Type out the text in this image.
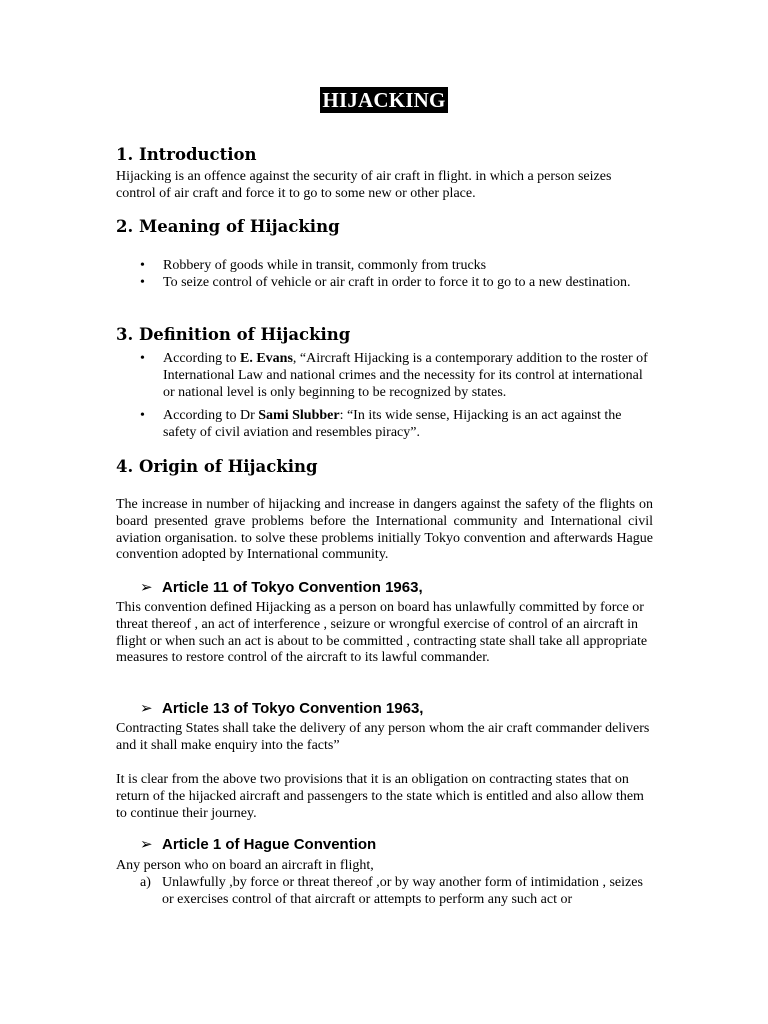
HIJACKING
1. Introduction

Hijacking is an offence against the security of air craft in flight. in which a person seizes control of air craft and force it to go to some new or other place.

2. Meaning of Hijacking
• Robbery of goods while in transit, commonly from trucks
• To seize control of vehicle or air craft in order to force it to go to a new destination.
3. Definition of Hijacking
• According to E. Evans, “Aircraft Hijacking is a contemporary addition to the roster of International Law and national crimes and the necessity for its control at international or national level is only beginning to be recognized by states.
• According to Dr Sami Slubber: “In its wide sense, Hijacking is an act against the safety of civil aviation and resembles piracy”.
4. Origin of Hijacking

The increase in number of hijacking and increase in dangers against the safety of the flights on board presented grave problems before the International community and International civil aviation organisation. to solve these problems initially Tokyo convention and afterwards Hague convention adopted by International community.

➢ Article 11 of Tokyo Convention 1963,

This convention defined Hijacking as a person on board has unlawfully committed by force or threat thereof , an act of interference , seizure or wrongful exercise of control of an aircraft in flight or when such an act is about to be committed , contracting state shall take all appropriate measures to restore control of the aircraft to its lawful commander.

➢ Article 13 of Tokyo Convention 1963,

Contracting States shall take the delivery of any person whom the air craft commander delivers and it shall make enquiry into the facts”

It is clear from the above two provisions that it is an obligation on contracting states that on return of the hijacked aircraft and passengers to the state which is entitled and also allow them to continue their journey.

➢ Article 1 of Hague Convention

Any person who on board an aircraft in flight,

a) Unlawfully ,by force or threat thereof ,or by way another form of intimidation , seizes or exercises control of that aircraft or attempts to perform any such act or
